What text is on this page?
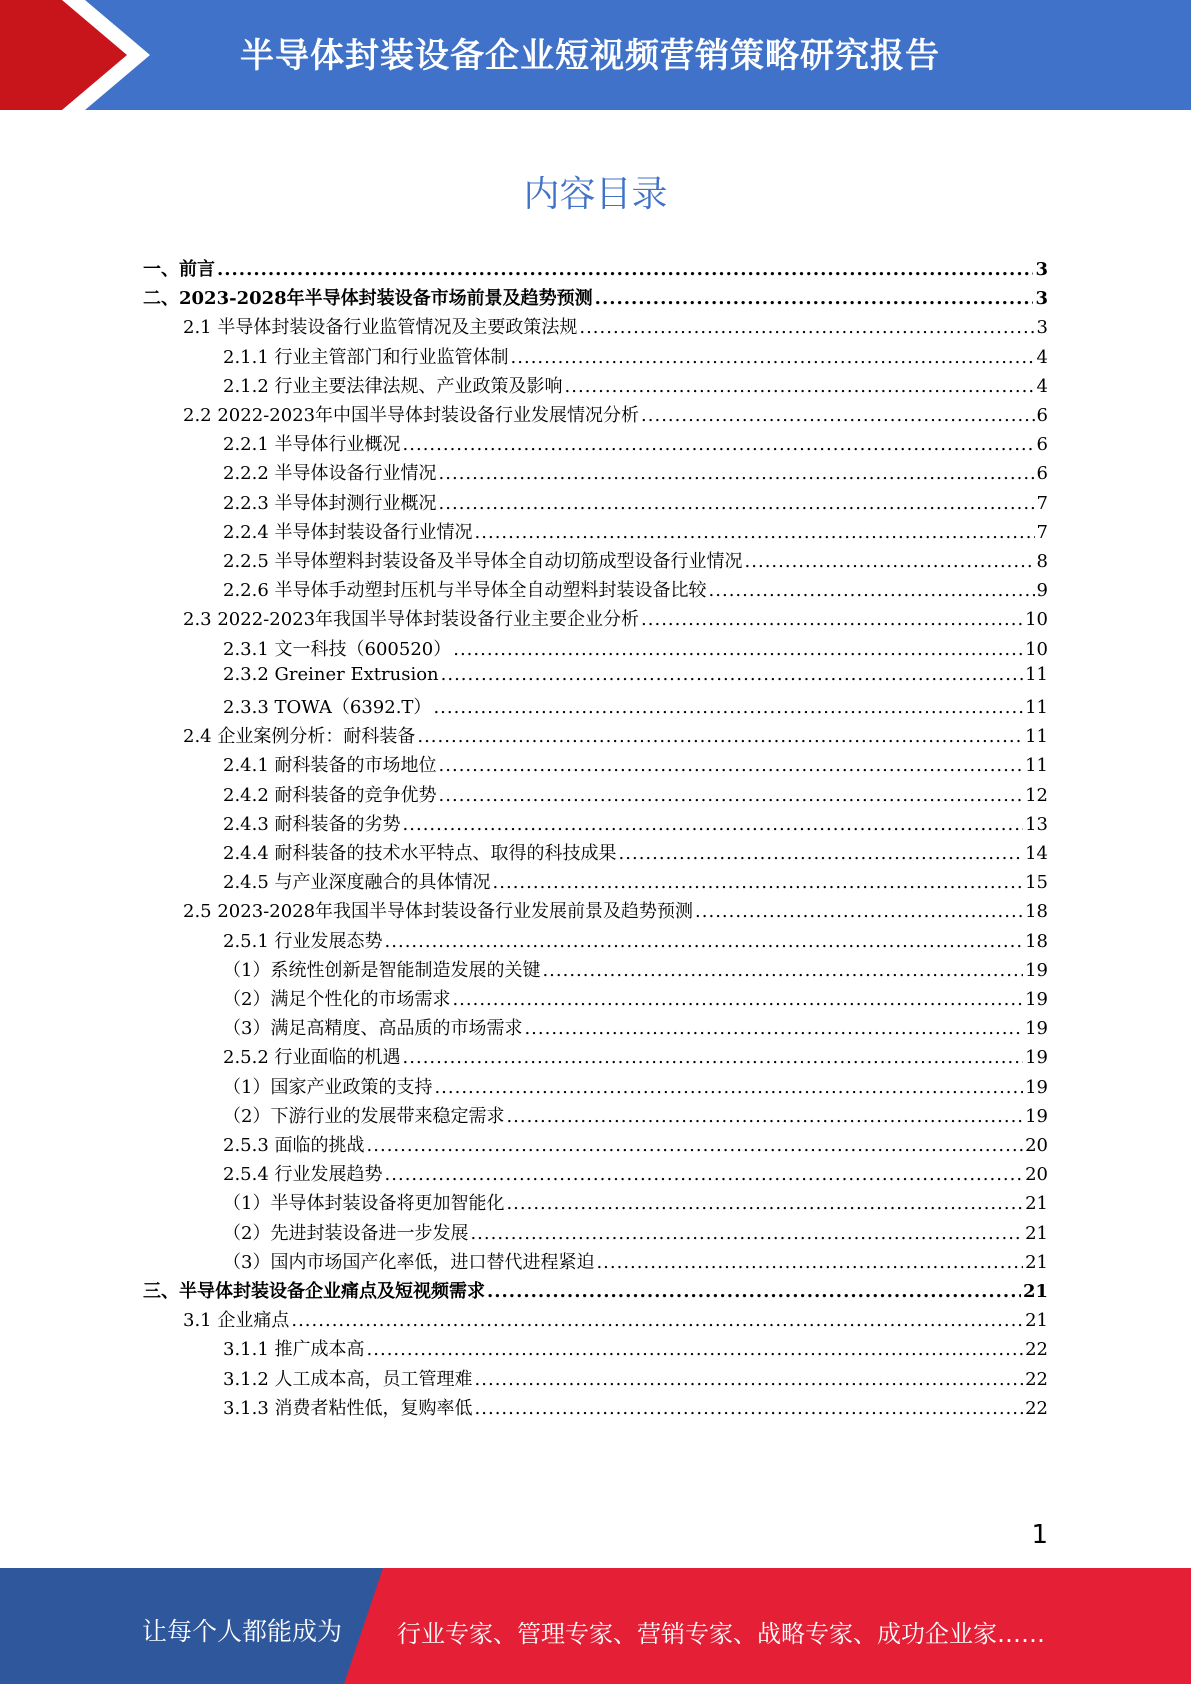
半导体封装设备企业短视频营销策略研究报告
内容目录
一、前言 .....	3
二、2023-2028年半导体封装设备市场前景及趋势预测 .....	3
2.1 半导体封装设备行业监管情况及主要政策法规 .....	3
2.1.1 行业主管部门和行业监管体制 .....	4
2.1.2 行业主要法律法规、产业政策及影响 .....	4
2.2 2022-2023年中国半导体封装设备行业发展情况分析 .....	6
2.2.1 半导体行业概况 .....	6
2.2.2 半导体设备行业情况 .....	6
2.2.3 半导体封测行业概况 .....	7
2.2.4 半导体封装设备行业情况 .....	7
2.2.5 半导体塑料封装设备及半导体全自动切筋成型设备行业情况 .....	8
2.2.6 半导体手动塑封压机与半导体全自动塑料封装设备比较 .....	9
2.3 2022-2023年我国半导体封装设备行业主要企业分析 .....	10
2.3.1 文一科技（600520） .....	10
2.3.2 Greiner Extrusion .....	11
2.3.3 TOWA（6392.T） .....	11
2.4 企业案例分析：耐科装备 .....	11
2.4.1 耐科装备的市场地位 .....	11
2.4.2 耐科装备的竞争优势 .....	12
2.4.3 耐科装备的劣势 .....	13
2.4.4 耐科装备的技术水平特点、取得的科技成果 .....	14
2.4.5 与产业深度融合的具体情况 .....	15
2.5 2023-2028年我国半导体封装设备行业发展前景及趋势预测 .....	18
2.5.1 行业发展态势 .....	18
（1）系统性创新是智能制造发展的关键 .....	19
（2）满足个性化的市场需求 .....	19
（3）满足高精度、高品质的市场需求 .....	19
2.5.2 行业面临的机遇 .....	19
（1）国家产业政策的支持 .....	19
（2）下游行业的发展带来稳定需求 .....	19
2.5.3 面临的挑战 .....	20
2.5.4 行业发展趋势 .....	20
（1）半导体封装设备将更加智能化 .....	21
（2）先进封装设备进一步发展 .....	21
（3）国内市场国产化率低，进口替代进程紧迫 .....	21
三、半导体封装设备企业痛点及短视频需求 .....	21
3.1 企业痛点 .....	21
3.1.1 推广成本高 .....	22
3.1.2 人工成本高，员工管理难 .....	22
3.1.3 消费者粘性低，复购率低 .....	22
1
让每个人都能成为 行业专家、管理专家、营销专家、战略专家、成功企业家……
